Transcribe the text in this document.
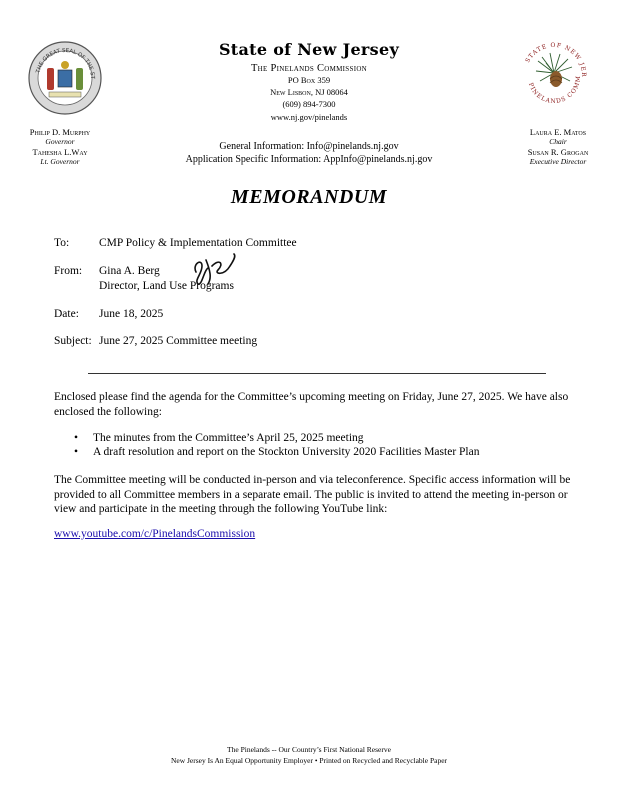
THE GREAT SEAL OF THE ST
STATE OF NEW JER
PINELANDS COMM
State of New Jersey
The Pinelands Commission
PO Box 359
New Lisbon, NJ 08064
(609) 894-7300
www.nj.gov/pinelands
Philip D. Murphy
Governor
Tahesha L.Way
Lt. Governor
Laura E. Matos
Chair
Susan R. Grogan
Executive Director
General Information: Info@pinelands.nj.gov
Application Specific Information: AppInfo@pinelands.nj.gov
MEMORANDUM
To:	CMP Policy & Implementation Committee
From: Gina A. Berg
Director, Land Use Programs
Date: June 18, 2025
Subject: June 27, 2025 Committee meeting
Enclosed please find the agenda for the Committee’s upcoming meeting on Friday, June 27, 2025. We have also enclosed the following:
• The minutes from the Committee’s April 25, 2025 meeting
• A draft resolution and report on the Stockton University 2020 Facilities Master Plan
The Committee meeting will be conducted in-person and via teleconference. Specific access information will be provided to all Committee members in a separate email. The public is invited to attend the meeting in-person or view and participate in the meeting through the following YouTube link:
www.youtube.com/c/PinelandsCommission
The Pinelands -- Our Country’s First National Reserve
New Jersey Is An Equal Opportunity Employer • Printed on Recycled and Recyclable Paper
